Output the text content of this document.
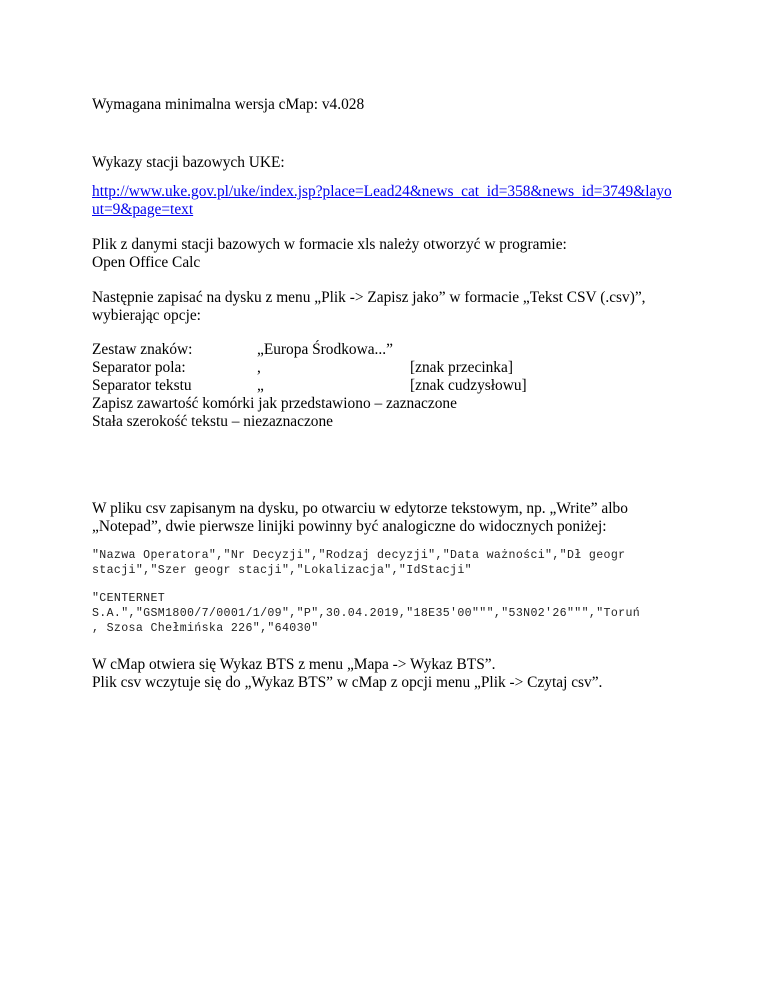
Wymagana minimalna wersja cMap: v4.028

Wykazy stacji bazowych UKE:

http://www.uke.gov.pl/uke/index.jsp?place=Lead24&news_cat_id=358&news_id=3749&layo

ut=9&page=text

Plik z danymi stacji bazowych w formacie xls należy otworzyć w programie:

Open Office Calc

Następnie zapisać na dysku z menu „Plik -> Zapisz jako” w formacie „Tekst CSV (.csv)”,

wybierając opcje:

Zestaw znaków:	„Europa Środkowa...”
Separator pola:	,	[znak przecinka]
Separator tekstu	„	[znak cudzysłowu]
Zapisz zawartość komórki jak przedstawiono – zaznaczone
Stała szerokość tekstu – niezaznaczone

W pliku csv zapisanym na dysku, po otwarciu w edytorze tekstowym, np. „Write” albo

„Notepad”, dwie pierwsze linijki powinny być analogiczne do widocznych poniżej:

"Nazwa Operatora","Nr Decyzji","Rodzaj decyzji","Data ważności","Dł geogr

stacji","Szer geogr stacji","Lokalizacja","IdStacji"

"CENTERNET

S.A.","GSM1800/7/0001/1/09","P",30.04.2019,"18E35'00""","53N02'26""","Toruń

, Szosa Chełmińska 226","64030"

W cMap otwiera się Wykaz BTS z menu „Mapa -> Wykaz BTS”.

Plik csv wczytuje się do „Wykaz BTS” w cMap z opcji menu „Plik -> Czytaj csv”.
